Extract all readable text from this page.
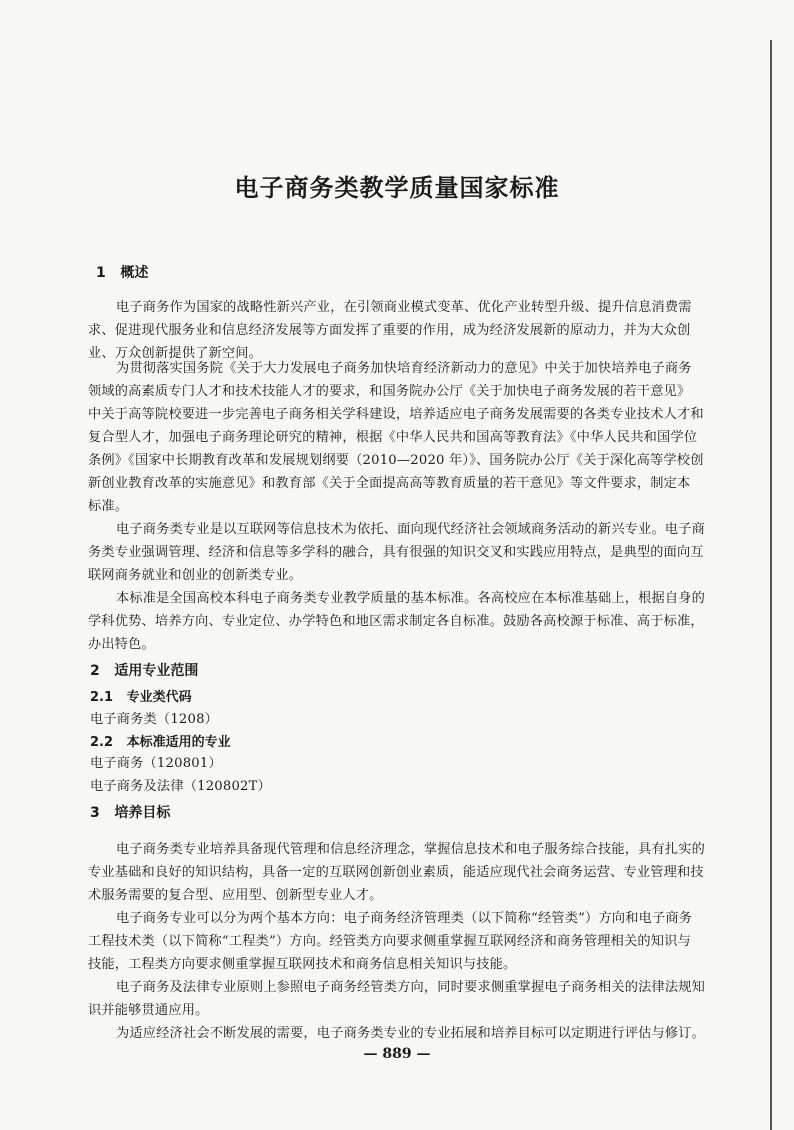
电子商务类教学质量国家标准
1 概述
电子商务作为国家的战略性新兴产业，在引领商业模式变革、优化产业转型升级、提升信息消费需
求、促进现代服务业和信息经济发展等方面发挥了重要的作用，成为经济发展新的原动力，并为大众创
业、万众创新提供了新空间。
为贯彻落实国务院《关于大力发展电子商务加快培育经济新动力的意见》中关于加快培养电子商务
领域的高素质专门人才和技术技能人才的要求，和国务院办公厅《关于加快电子商务发展的若干意见》
中关于高等院校要进一步完善电子商务相关学科建设，培养适应电子商务发展需要的各类专业技术人才和
复合型人才，加强电子商务理论研究的精神，根据《中华人民共和国高等教育法》《中华人民共和国学位
条例》《国家中长期教育改革和发展规划纲要（2010—2020 年）》、国务院办公厅《关于深化高等学校创
新创业教育改革的实施意见》和教育部《关于全面提高高等教育质量的若干意见》等文件要求，制定本
标准。
电子商务类专业是以互联网等信息技术为依托、面向现代经济社会领域商务活动的新兴专业。电子商
务类专业强调管理、经济和信息等多学科的融合，具有很强的知识交叉和实践应用特点，是典型的面向互
联网商务就业和创业的创新类专业。
本标准是全国高校本科电子商务类专业教学质量的基本标准。各高校应在本标准基础上，根据自身的
学科优势、培养方向、专业定位、办学特色和地区需求制定各自标准。鼓励各高校源于标准、高于标准，
办出特色。
2 适用专业范围
2.1 专业类代码
电子商务类（1208）
2.2 本标准适用的专业
电子商务（120801）
电子商务及法律（120802T）
3 培养目标
电子商务类专业培养具备现代管理和信息经济理念，掌握信息技术和电子服务综合技能，具有扎实的
专业基础和良好的知识结构，具备一定的互联网创新创业素质，能适应现代社会商务运营、专业管理和技
术服务需要的复合型、应用型、创新型专业人才。
电子商务专业可以分为两个基本方向：电子商务经济管理类（以下简称“经管类”）方向和电子商务
工程技术类（以下简称“工程类”）方向。经管类方向要求侧重掌握互联网经济和商务管理相关的知识与
技能，工程类方向要求侧重掌握互联网技术和商务信息相关知识与技能。
电子商务及法律专业原则上参照电子商务经管类方向，同时要求侧重掌握电子商务相关的法律法规知
识并能够贯通应用。
为适应经济社会不断发展的需要，电子商务类专业的专业拓展和培养目标可以定期进行评估与修订。
— 889 —
